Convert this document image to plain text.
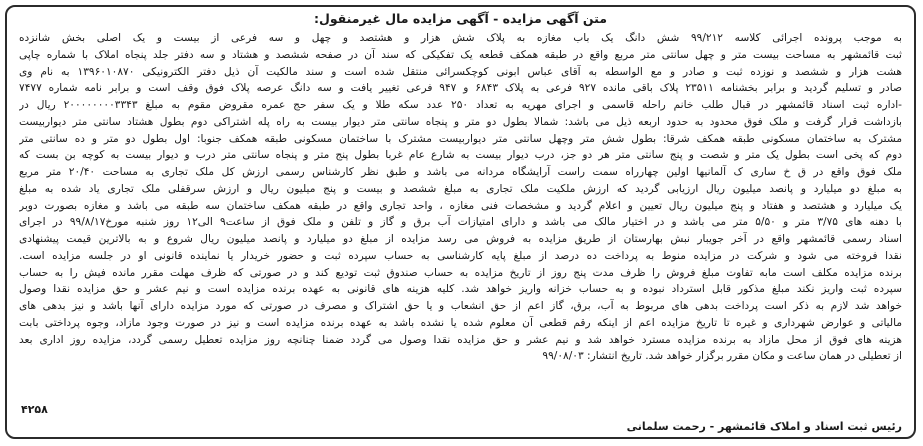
متن آگهی مزایده - آگهی مزایده مال غیرمنقول:
به موجب پرونده اجرائی کلاسه ۹۹/۲۱۲ شش دانگ یک باب مغازه به پلاک شش هزار و هشتصد و چهل و سه فرعی از بیست و یک اصلی بخش شانزده
ثبت قائمشهر به مساحت بیست متر و چهل سانتی متر مربع واقع در طبقه همکف قطعه یک تفکیکی که سند آن در صفحه ششصد و هشتاد و سه دفتر جلد پنجاه املاک با شماره چاپی
هشت هزار و ششصد و نوزده ثبت و صادر و مع الواسطه به آقای عباس ابونی کوچکسرائی منتقل شده است و سند مالکیت آن ذیل دفتر الکترونیکی ۱۳۹۶۰۱۰۸۷۰ به نام وی
صادر و تسلیم گردید و برابر بخشنامه ۲۳۵۱۱ پلاک باقی مانده ۹۲۷ فرعی به پلاک ۶۸۴۳ و ۹۴۷ فرعی تغییر یافت و سه دانگ عرصه پلاک فوق وقف است و برابر نامه شماره ۷۴۷۷
-اداره ثبت اسناد قائمشهر در قبال طلب خانم راحله قاسمی و اجرای مهریه به تعداد ۲۵۰ عدد سکه طلا و یک سفر حج عمره مقروض مقوم به مبلغ ۲۰۰۰۰۰۰۰۰۳۳۴۳ ریال در
بازداشت قرار گرفت و ملک فوق محدود به حدود اربعه ذیل می باشد: شمالا بطول دو متر و پنجاه سانتی متر دیوار بیست به راه پله اشتراکی دوم بطول هشتاد سانتی متر دیواربیست
مشترک به ساختمان مسکونی طبقه همکف شرقا: بطول شش متر وچهل سانتی متر دیواربیست مشترک با ساختمان مسکونی طبقه همکف جنوبا: اول بطول دو متر و ده سانتی متر
دوم که پخی است بطول یک متر و شصت و پنج سانتی متر هر دو جز، درب دیوار بیست به شارع عام غربا بطول پنج متر و پنجاه سانتی متر درب و دیوار بیست به کوچه بن بست که
ملک فوق واقع در ق خ ساری ک آلمانیها اولین چهارراه سمت راست آرایشگاه مردانه می باشد و طبق نظر کارشناس رسمی ارزش کل ملک تجاری به مساحت ۲۰/۴۰ متر مربع
به مبلغ دو میلیارد و پانصد میلیون ریال ارزیابی گردید که ارزش ملکیت ملک تجاری به مبلغ ششصد و بیست و پنج میلیون ریال و ارزش سرقفلی ملک تجاری یاد شده به مبلغ
یک میلیارد و هشتصد و هفتاد و پنج میلیون ریال تعیین و اعلام گردید و مشخصات فنی مغازه ، واحد تجاری واقع در طبقه همکف ساختمان سه طبقه می باشد و مغازه بصورت دوبر
با دهنه های ۳/۷۵ متر و ۵/۵۰ متر می باشد و در اختیار مالک می باشد و دارای امتیازات آب برق و گاز و تلفن و ملک فوق از ساعت۹ الی۱۲ روز شنبه مورخ۹۹/۸/۱۷ در اجرای
اسناد رسمی قائمشهر واقع در آخر جویبار نبش بهارستان از طریق مزایده به فروش می رسد مزایده از مبلغ دو میلیارد و پانصد میلیون ریال شروع و به بالاترین قیمت پیشنهادی
نقدا فروخته می شود و شرکت در مزایده منوط به پرداخت ده درصد از مبلغ پایه کارشناسی به حساب سپرده ثبت و حضور خریدار یا نماینده قانونی او در جلسه مزایده است.
برنده مزایده مکلف است مابه تفاوت مبلغ فروش را ظرف مدت پنج روز از تاریخ مزایده به حساب صندوق ثبت تودیع کند و در صورتی که ظرف مهلت مقرر مانده فیش را به حساب
سپرده ثبت واریز نکند مبلغ مذکور قابل استرداد نبوده و به حساب خزانه واریز خواهد شد. کلیه هزینه های قانونی به عهده برنده مزایده است و نیم عشر و حق مزایده نقدا وصول
خواهد شد لازم به ذکر است پرداخت بدهی های مربوط به آب، برق، گاز اعم از حق انشعاب و یا حق اشتراک و مصرف در صورتی که مورد مزایده دارای آنها باشد و نیز بدهی های
مالیاتی و عوارض شهرداری و غیره تا تاریخ مزایده اعم از اینکه رقم قطعی آن معلوم شده یا نشده باشد به عهده برنده مزایده است و نیز در صورت وجود مازاد، وجوه پرداختی بابت
هزینه های فوق از محل مازاد به برنده مزایده مسترد خواهد شد و نیم عشر و حق مزایده نقدا وصول می گردد ضمنا چنانچه روز مزایده تعطیل رسمی گردد، مزایده روز اداری بعد
از تعطیلی در همان ساعت و مکان مقرر برگزار خواهد شد. تاریخ انتشار: ۹۹/۰۸/۰۳
۴۲۵۸
رئیس ثبت اسناد و املاک قائمشهر - رحمت سلمانی
